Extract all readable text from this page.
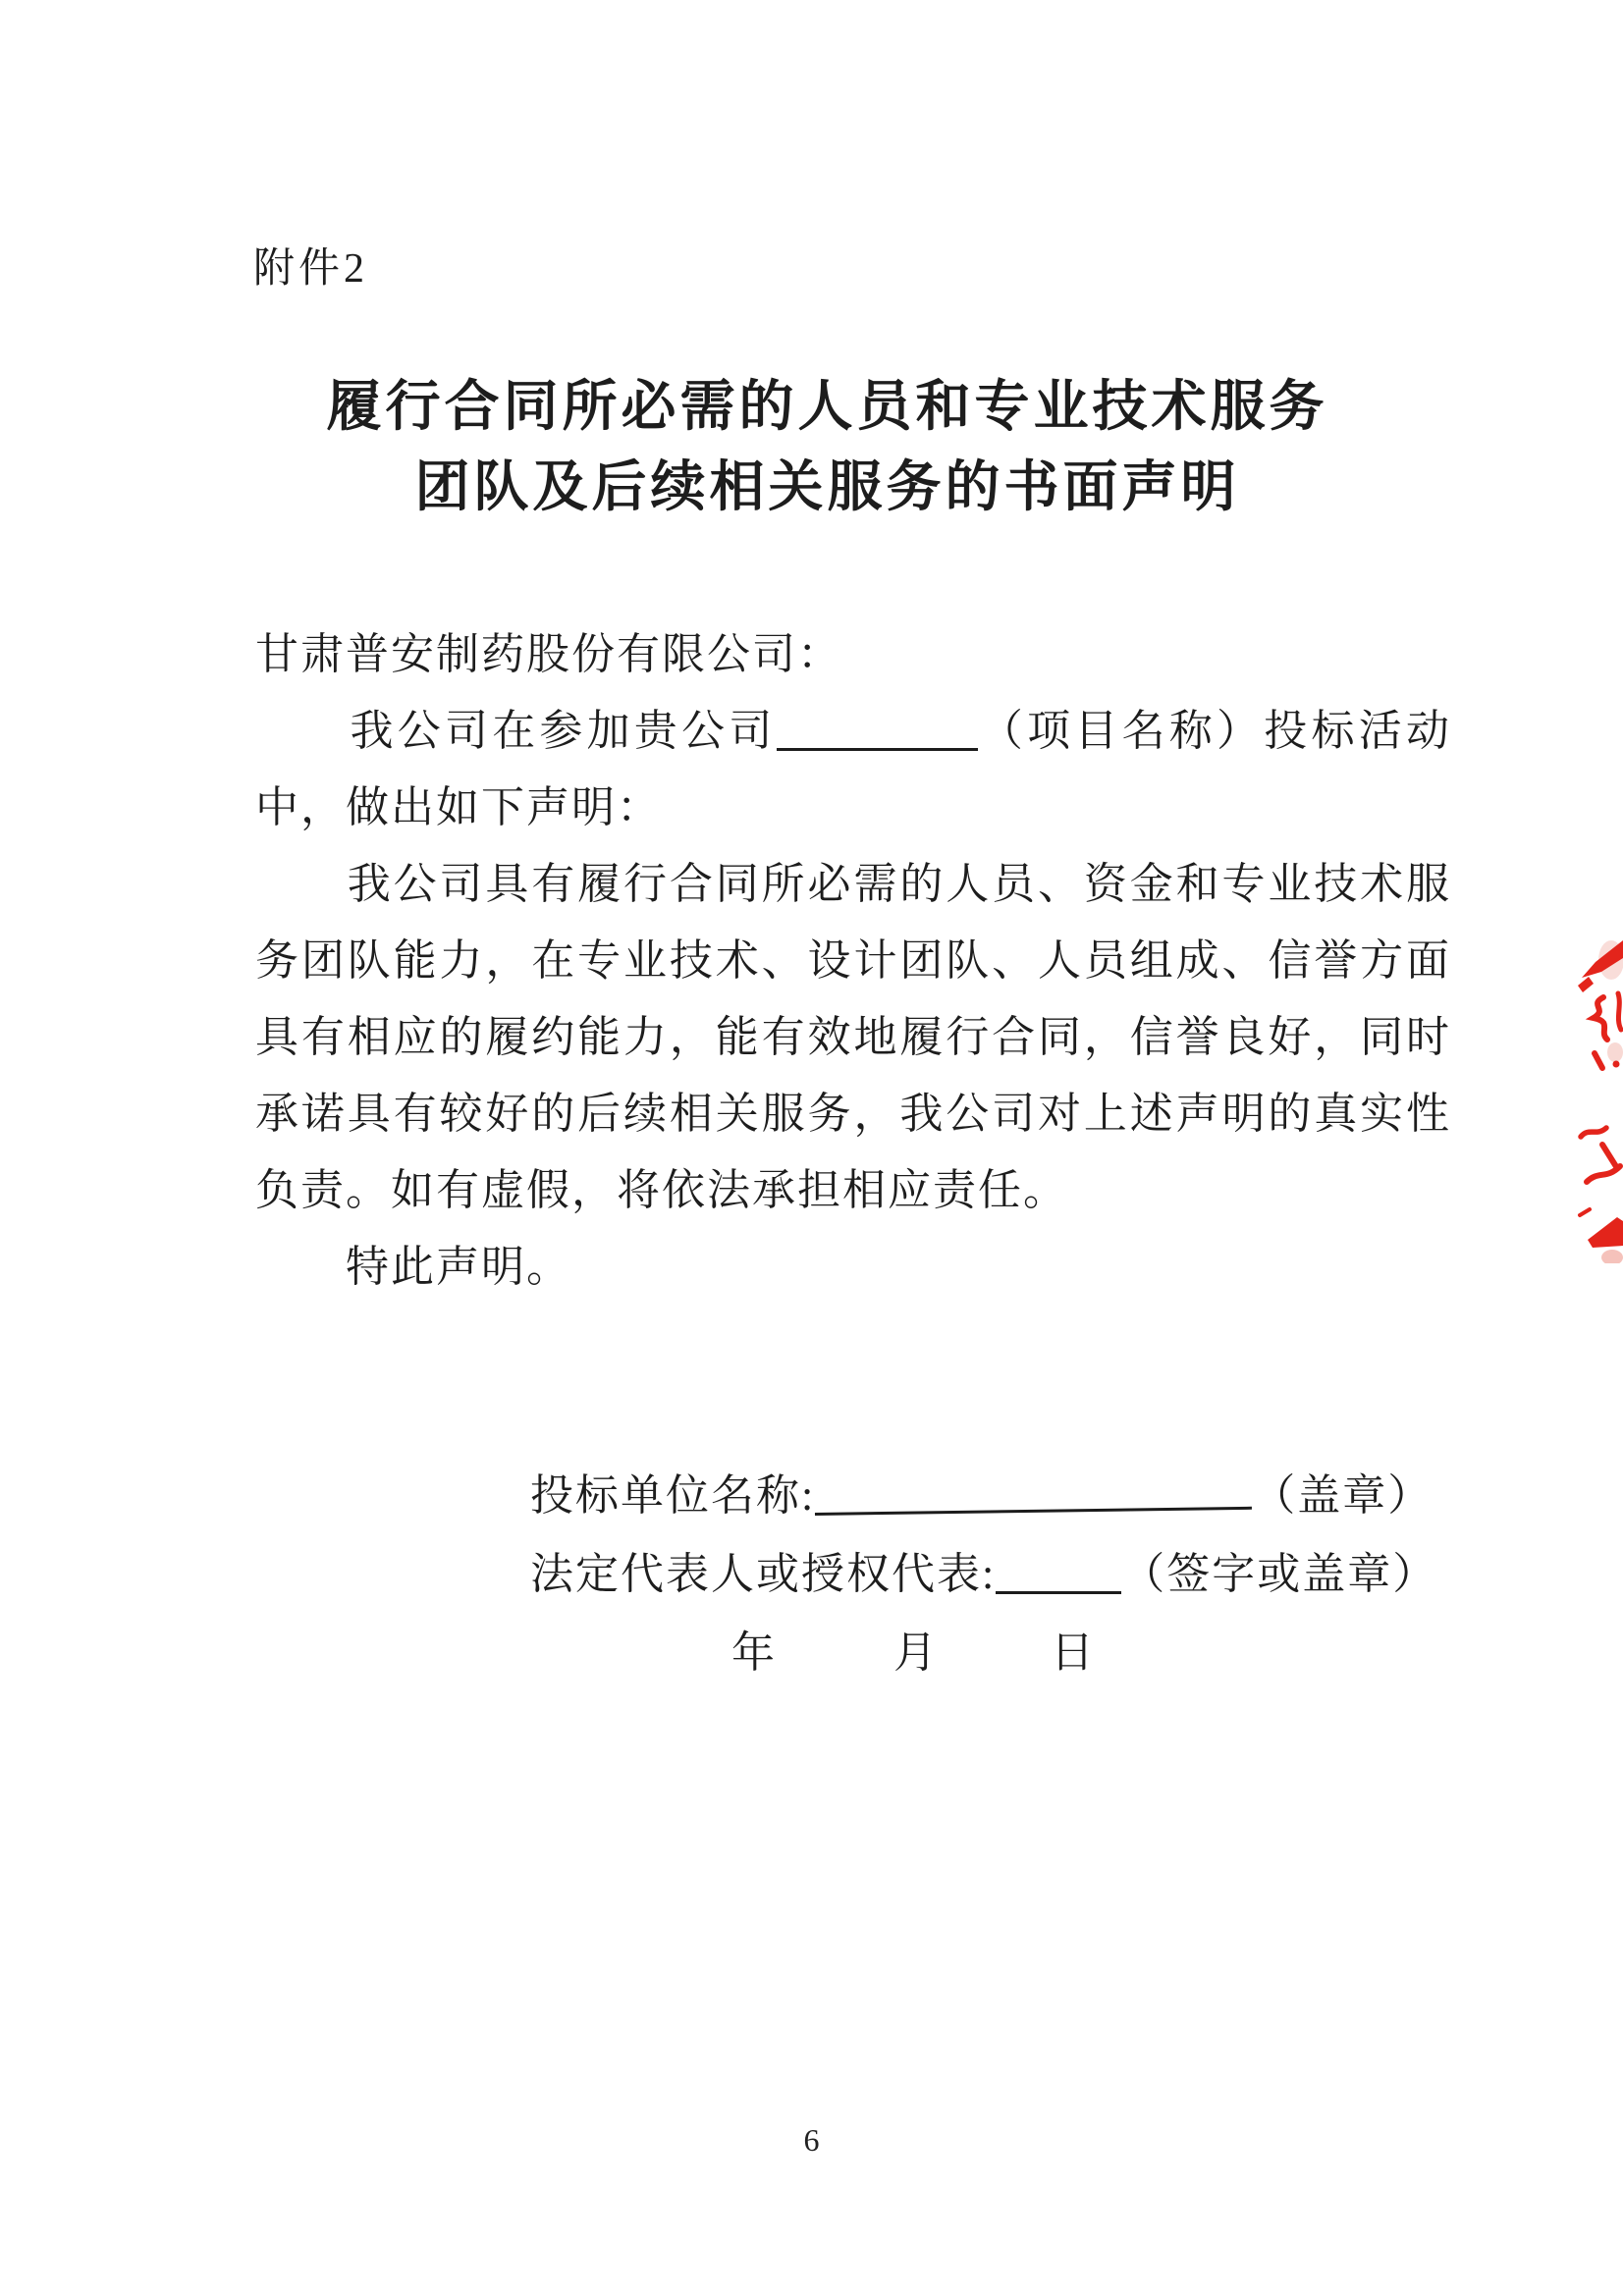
附件2
履行合同所必需的人员和专业技术服务
团队及后续相关服务的书面声明
甘肃普安制药股份有限公司：
　　我公司在参加贵公司	（项目名称）投标活动
中，做出如下声明：
　　我公司具有履行合同所必需的人员、资金和专业技术服
务团队能力，在专业技术、设计团队、人员组成、信誉方面
具有相应的履约能力，能有效地履行合同，信誉良好，同时
承诺具有较好的后续相关服务，我公司对上述声明的真实性
负责。如有虚假，将依法承担相应责任。
　　特此声明。
投标单位名称:	（盖章）
法定代表人或授权代表:	（签字或盖章）
年	月	日
6
